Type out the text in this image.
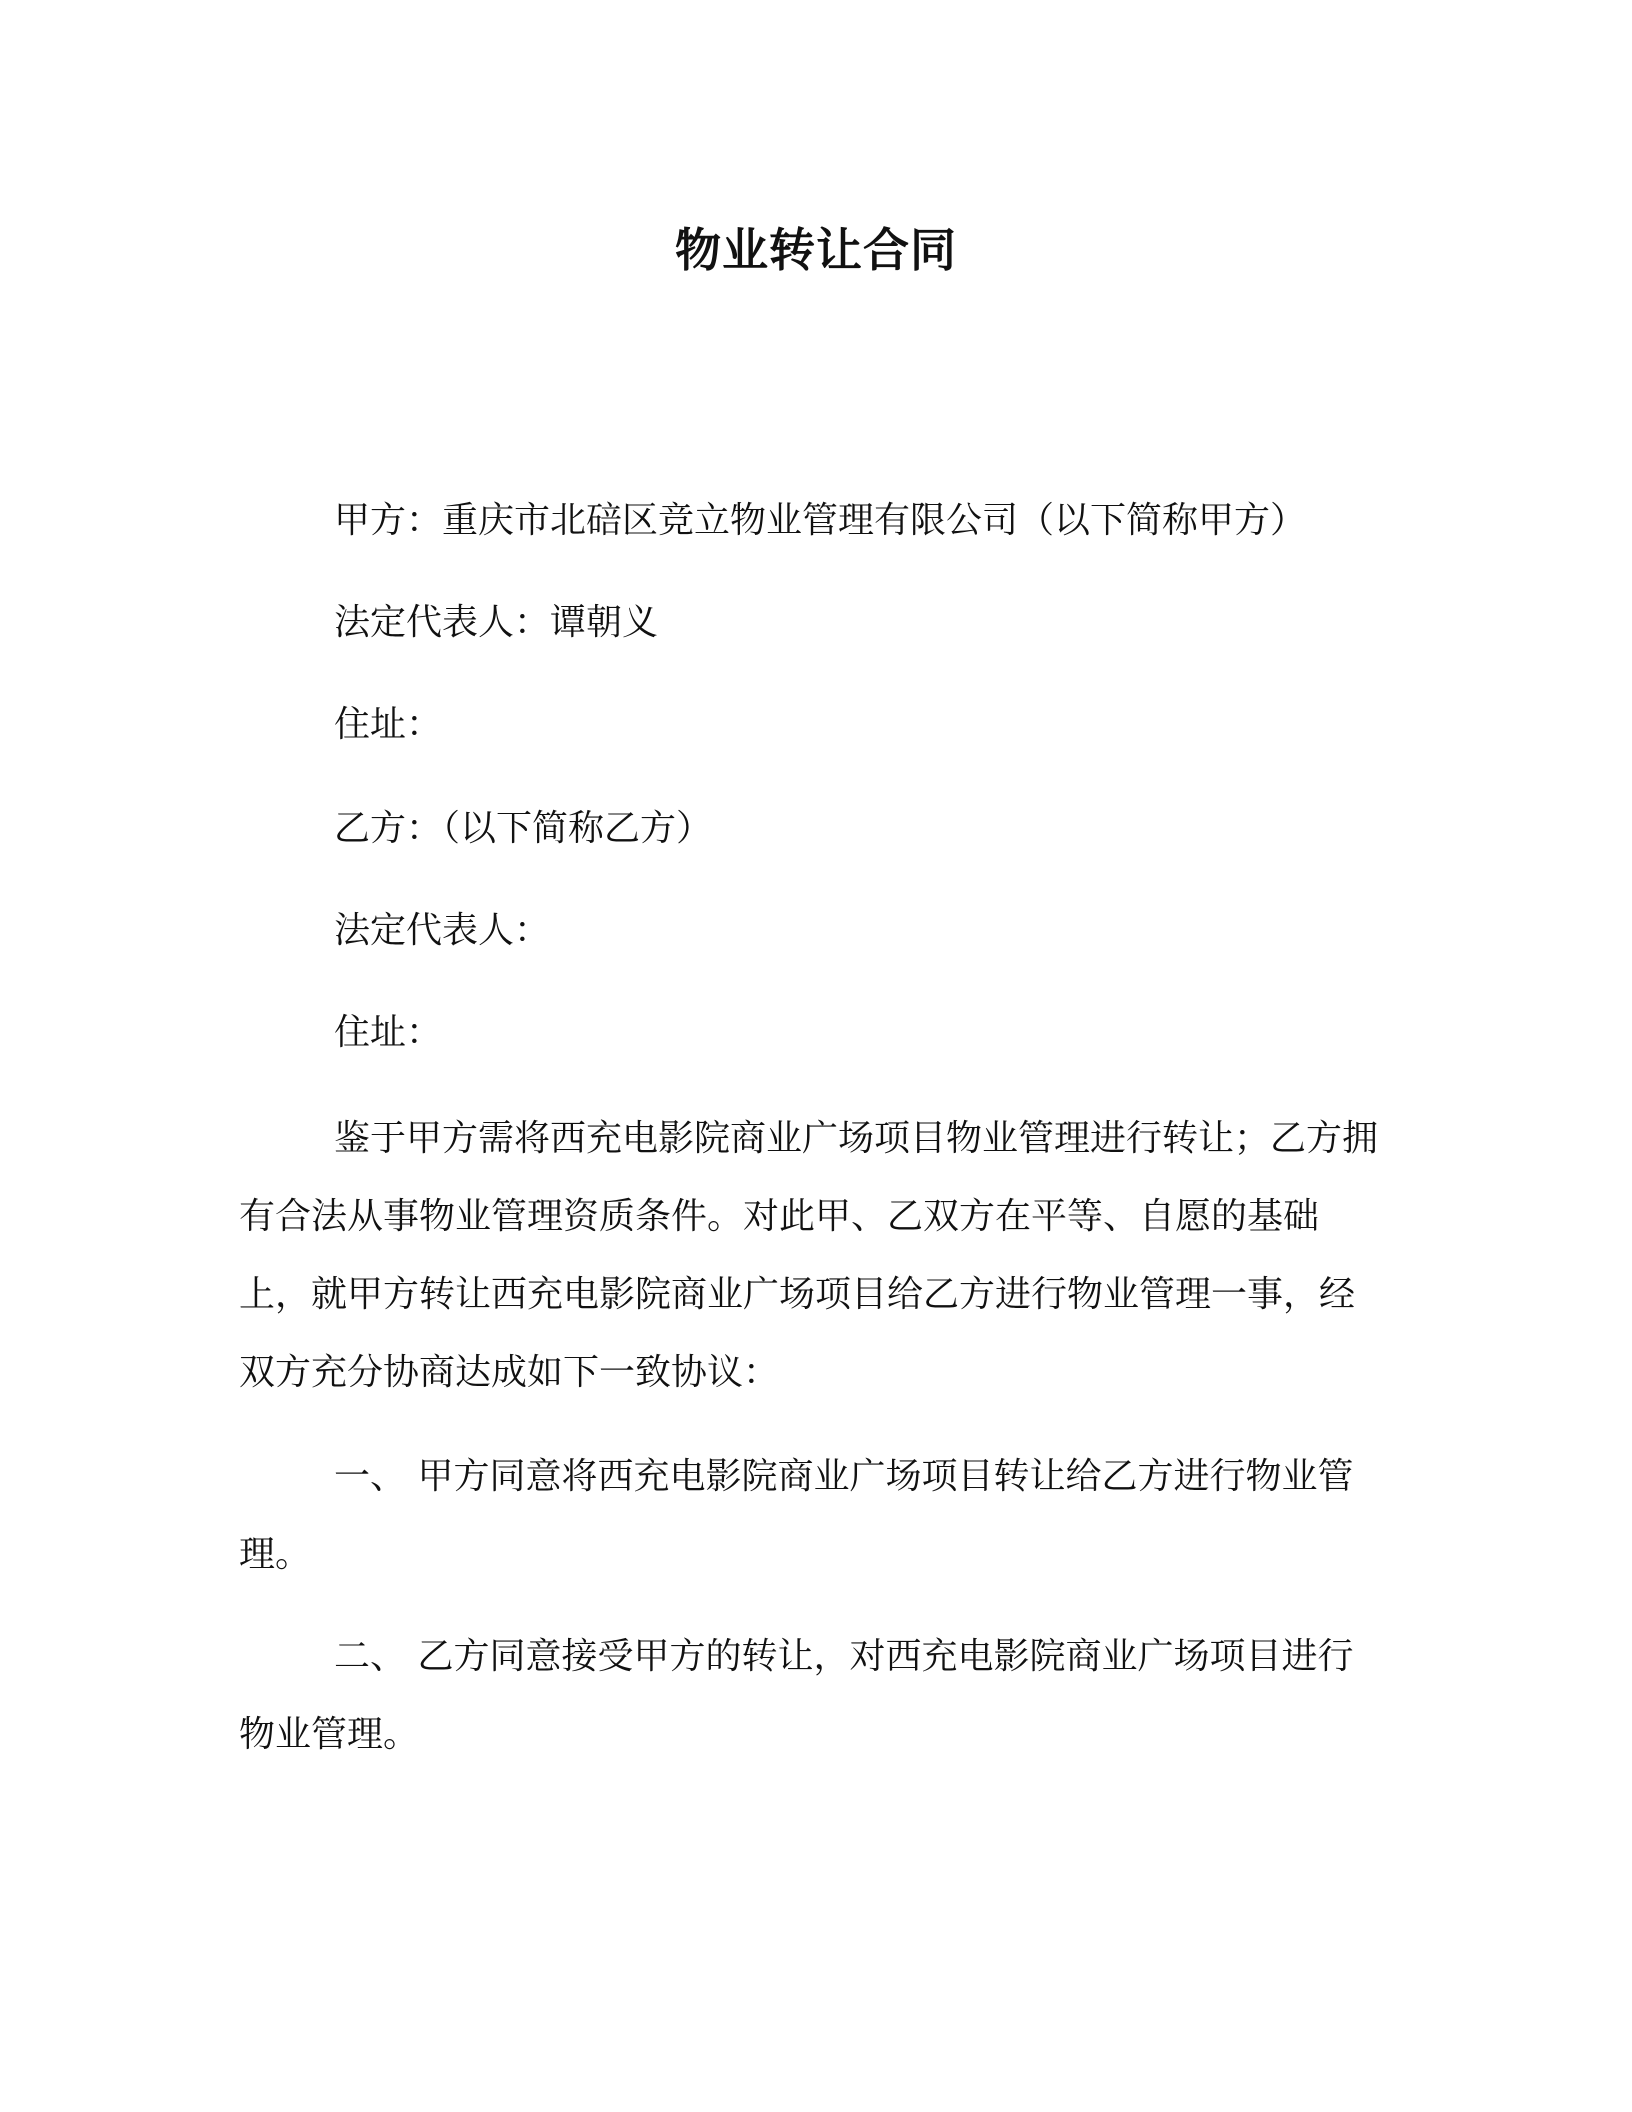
物业转让合同
甲方：重庆市北碚区竞立物业管理有限公司（以下简称甲方）
法定代表人：谭朝义
住址：
乙方：（以下简称乙方）
法定代表人：
住址：
鉴于甲方需将西充电影院商业广场项目物业管理进行转让；乙方拥有合法从事物业管理资质条件。对此甲、乙双方在平等、自愿的基础上，就甲方转让西充电影院商业广场项目给乙方进行物业管理一事，经双方充分协商达成如下一致协议：
一、 甲方同意将西充电影院商业广场项目转让给乙方进行物业管理。
二、 乙方同意接受甲方的转让，对西充电影院商业广场项目进行物业管理。
